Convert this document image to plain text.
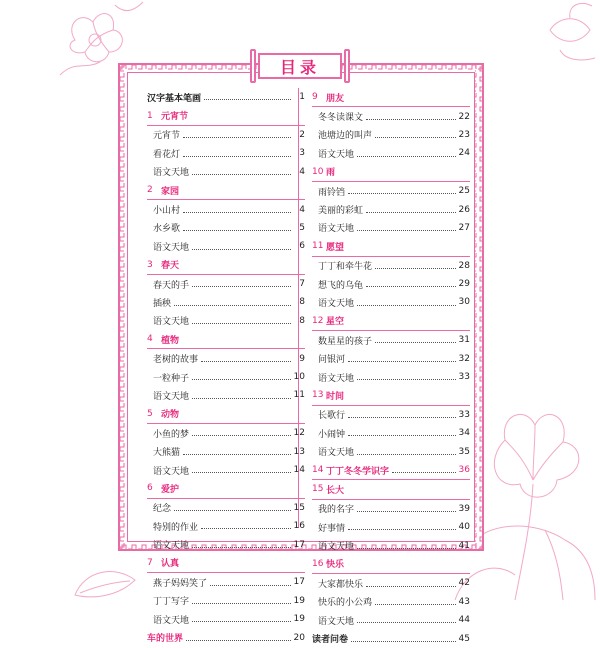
目录
汉字基本笔画	1
1 元宵节
元宵节	2
看花灯	3
语文天地	4
2 家园
小山村	4
水乡歌	5
语文天地	6
3 春天
春天的手	7
插秧	8
语文天地	8
4 植物
老树的故事	9
一粒种子	10
语文天地	11
5 动物
小鱼的梦	12
大熊猫	13
语文天地	14
6 爱护
纪念	15
特别的作业	16
语文天地	17
7 认真
燕子妈妈笑了	17
丁丁写字	19
语文天地	19
车的世界	20
9 朋友
冬冬读课文	22
池塘边的叫声	23
语文天地	24
10 雨
雨铃铛	25
美丽的彩虹	26
语文天地	27
11 愿望
丁丁和牵牛花	28
想飞的乌龟	29
语文天地	30
12 星空
数星星的孩子	31
问银河	32
语文天地	33
13 时间
长歌行	33
小闹钟	34
语文天地	35
14 丁丁冬冬学识字	36
15 长大
我的名字	39
好事情	40
语文天地	41
16 快乐
大家都快乐	42
快乐的小公鸡	43
语文天地	44
读者问卷	45
